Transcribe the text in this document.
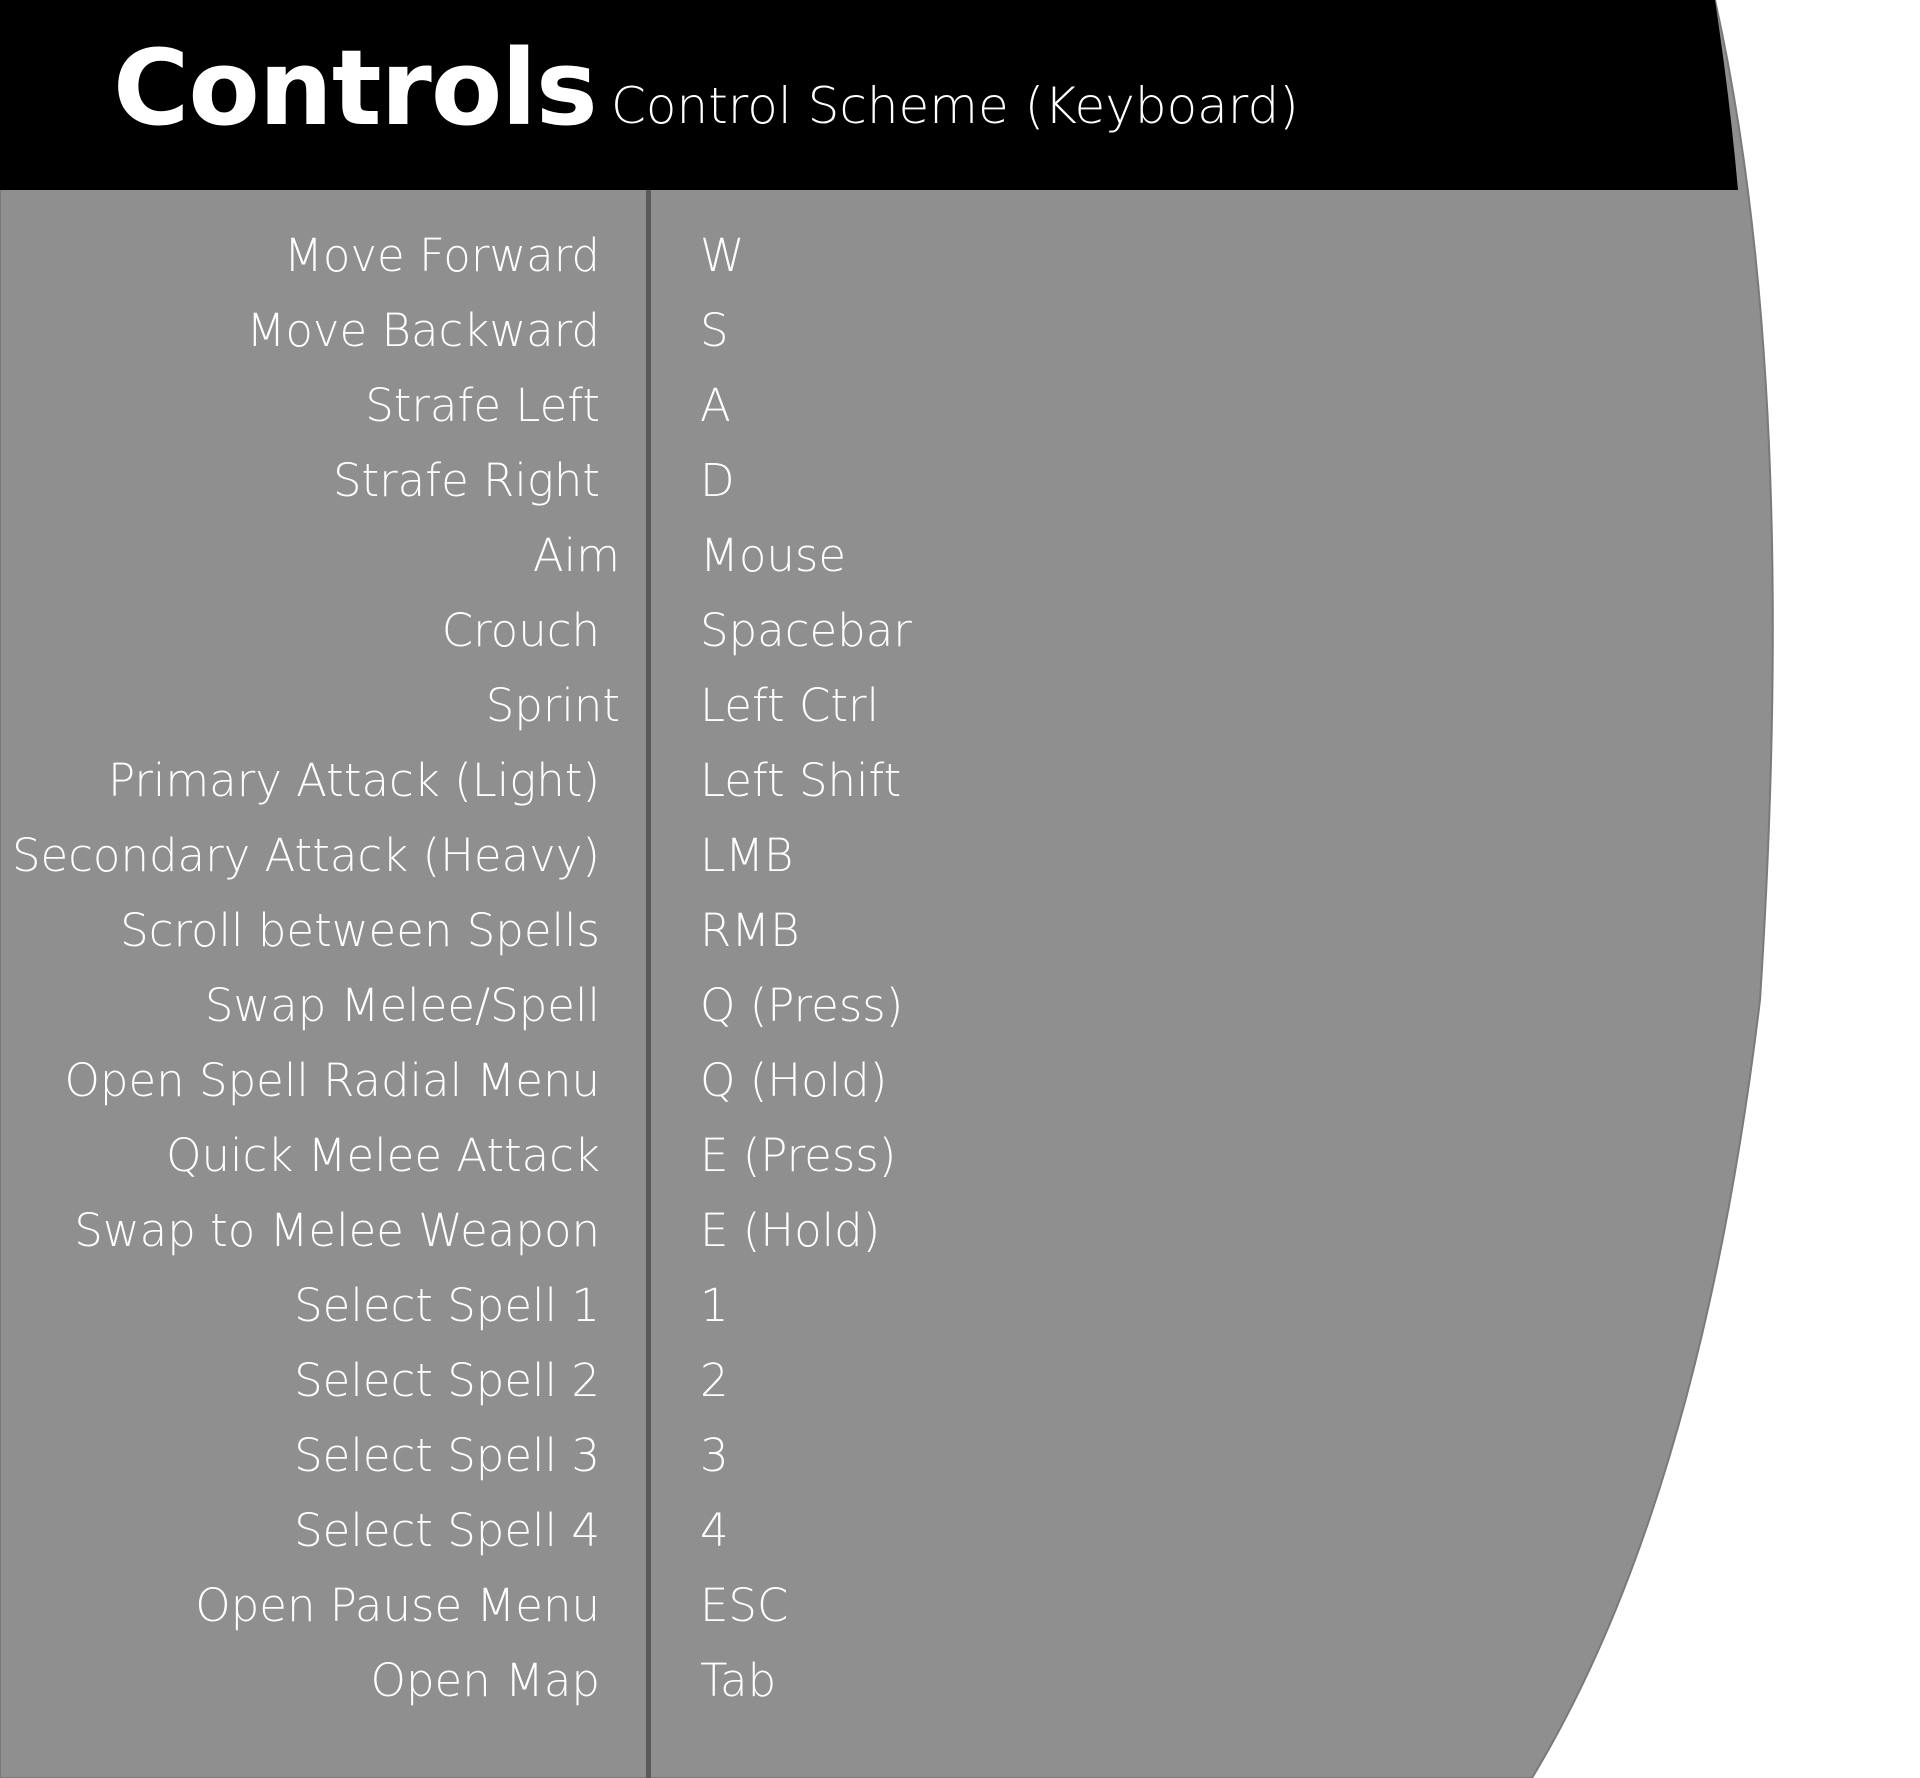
Controls Control Scheme (Keyboard)
Move Forward W
Move Backward S
Strafe Left A
Strafe Right D
Aim Mouse
Crouch Spacebar
Sprint Left Ctrl
Primary Attack (Light) Left Shift
Secondary Attack (Heavy) LMB
Scroll between Spells RMB
Swap Melee/Spell Q (Press)
Open Spell Radial Menu Q (Hold)
Quick Melee Attack E (Press)
Swap to Melee Weapon E (Hold)
Select Spell 1 1
Select Spell 2 2
Select Spell 3 3
Select Spell 4 4
Open Pause Menu ESC
Open Map Tab
